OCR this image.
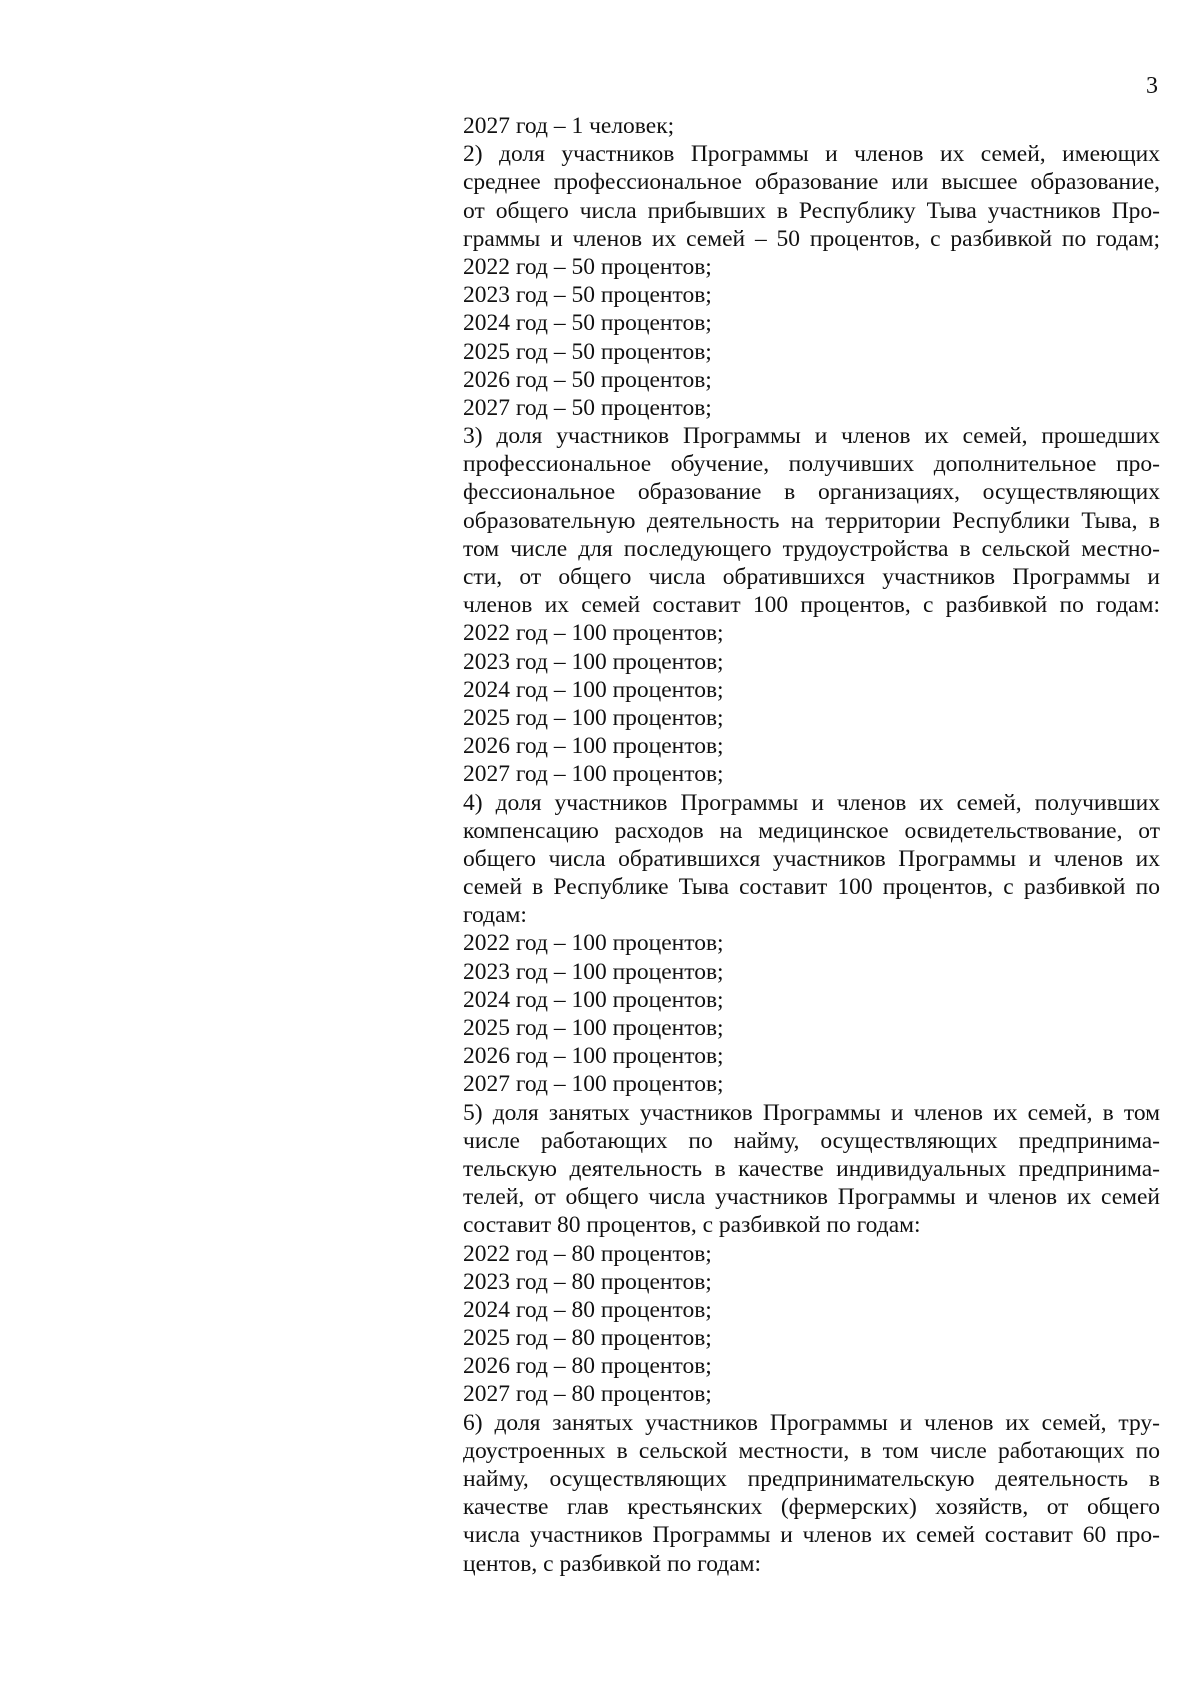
3
2027 год – 1 человек;
2) доля участников Программы и членов их семей, имеющих
среднее профессиональное образование или высшее образование,
от общего числа прибывших в Республику Тыва участников Про-
граммы и членов их семей – 50 процентов, с разбивкой по годам;
2022 год – 50 процентов;
2023 год – 50 процентов;
2024 год – 50 процентов;
2025 год – 50 процентов;
2026 год – 50 процентов;
2027 год – 50 процентов;
3) доля участников Программы и членов их семей, прошедших
профессиональное обучение, получивших дополнительное про-
фессиональное образование в организациях, осуществляющих
образовательную деятельность на территории Республики Тыва, в
том числе для последующего трудоустройства в сельской местно-
сти, от общего числа обратившихся участников Программы и
членов их семей составит 100 процентов, с разбивкой по годам:
2022 год – 100 процентов;
2023 год – 100 процентов;
2024 год – 100 процентов;
2025 год – 100 процентов;
2026 год – 100 процентов;
2027 год – 100 процентов;
4) доля участников Программы и членов их семей, получивших
компенсацию расходов на медицинское освидетельствование, от
общего числа обратившихся участников Программы и членов их
семей в Республике Тыва составит 100 процентов, с разбивкой по
годам:
2022 год – 100 процентов;
2023 год – 100 процентов;
2024 год – 100 процентов;
2025 год – 100 процентов;
2026 год – 100 процентов;
2027 год – 100 процентов;
5) доля занятых участников Программы и членов их семей, в том
числе работающих по найму, осуществляющих предпринима-
тельскую деятельность в качестве индивидуальных предпринима-
телей, от общего числа участников Программы и членов их семей
составит 80 процентов, с разбивкой по годам:
2022 год – 80 процентов;
2023 год – 80 процентов;
2024 год – 80 процентов;
2025 год – 80 процентов;
2026 год – 80 процентов;
2027 год – 80 процентов;
6) доля занятых участников Программы и членов их семей, тру-
доустроенных в сельской местности, в том числе работающих по
найму, осуществляющих предпринимательскую деятельность в
качестве глав крестьянских (фермерских) хозяйств, от общего
числа участников Программы и членов их семей составит 60 про-
центов, с разбивкой по годам:
